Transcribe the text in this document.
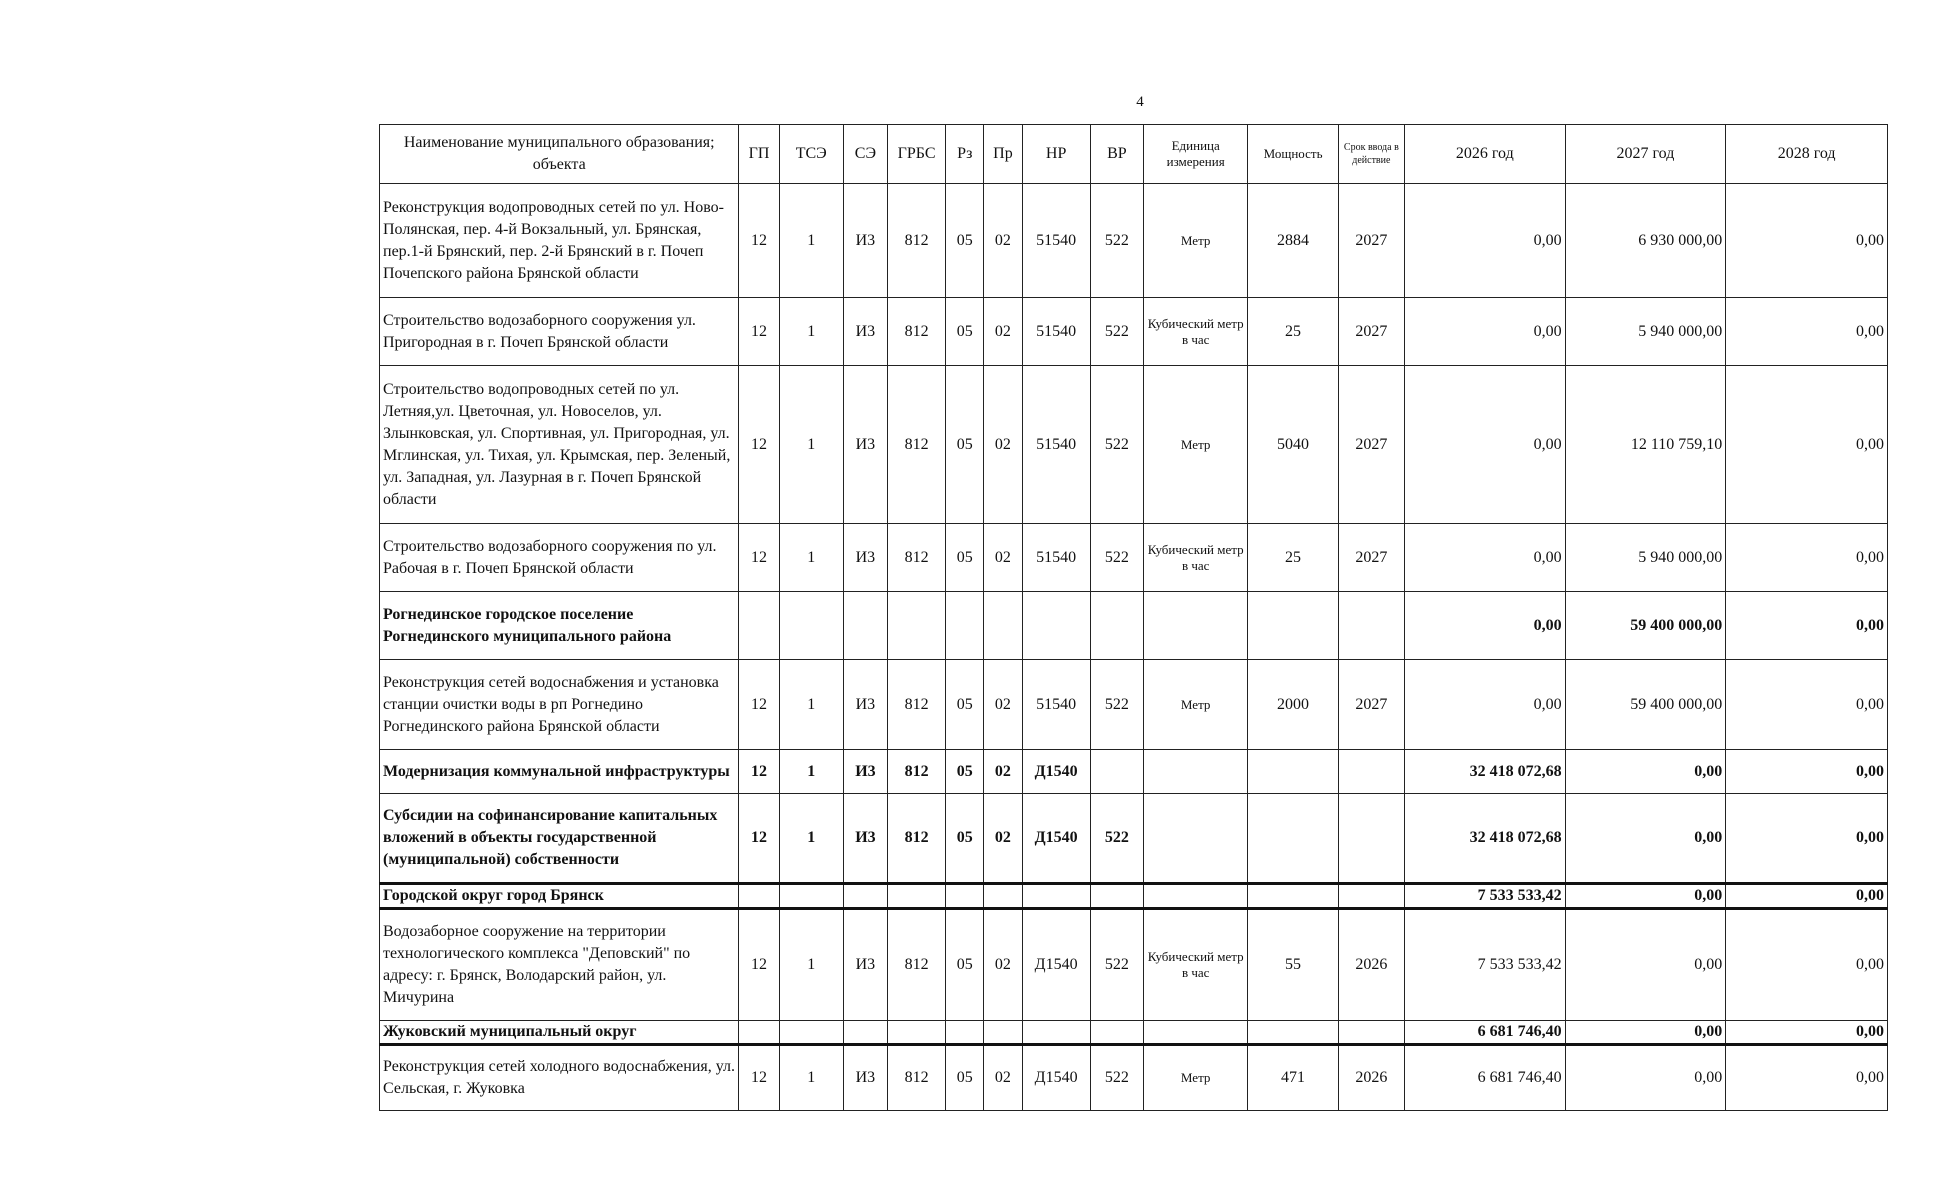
4
Наименование муниципального образования; объекта	ГП	ТСЭ	СЭ	ГРБС	Рз	Пр	НР	ВР	Единица измерения	Мощность	Срок ввода в действие	2026 год	2027 год	2028 год
Реконструкция водопроводных сетей по ул. Ново-Полянская, пер. 4-й Вокзальный, ул. Брянская, пер.1-й Брянский, пер. 2-й Брянский в г. Почеп Почепского района Брянской области	12	1	И3	812	05	02	51540	522	Метр	2884	2027	0,00	6 930 000,00	0,00
Строительство водозаборного сооружения ул. Пригородная в г. Почеп Брянской области	12	1	И3	812	05	02	51540	522	Кубический метр в час	25	2027	0,00	5 940 000,00	0,00
Строительство водопроводных сетей по ул. Летняя,ул. Цветочная, ул. Новоселов, ул. Злынковская, ул. Спортивная, ул. Пригородная, ул. Мглинская, ул. Тихая, ул. Крымская, пер. Зеленый, ул. Западная, ул. Лазурная в г. Почеп Брянской области	12	1	И3	812	05	02	51540	522	Метр	5040	2027	0,00	12 110 759,10	0,00
Строительство водозаборного сооружения по ул. Рабочая в г. Почеп Брянской области	12	1	И3	812	05	02	51540	522	Кубический метр в час	25	2027	0,00	5 940 000,00	0,00
Рогнединское городское поселение Рогнединского муниципального района												0,00	59 400 000,00	0,00
Реконструкция сетей водоснабжения и установка станции очистки воды в рп Рогнедино Рогнединского района Брянской области	12	1	И3	812	05	02	51540	522	Метр	2000	2027	0,00	59 400 000,00	0,00
Модернизация коммунальной инфраструктуры	12	1	И3	812	05	02	Д1540					32 418 072,68	0,00	0,00
Субсидии на софинансирование капитальных вложений в объекты государственной (муниципальной) собственности	12	1	И3	812	05	02	Д1540	522				32 418 072,68	0,00	0,00
Городской округ город Брянск												7 533 533,42	0,00	0,00
Водозаборное сооружение на территории технологического комплекса "Деповский" по адресу: г. Брянск, Володарский район, ул. Мичурина	12	1	И3	812	05	02	Д1540	522	Кубический метр в час	55	2026	7 533 533,42	0,00	0,00
Жуковский муниципальный округ												6 681 746,40	0,00	0,00
Реконструкция сетей холодного водоснабжения, ул. Сельская, г. Жуковка	12	1	И3	812	05	02	Д1540	522	Метр	471	2026	6 681 746,40	0,00	0,00
